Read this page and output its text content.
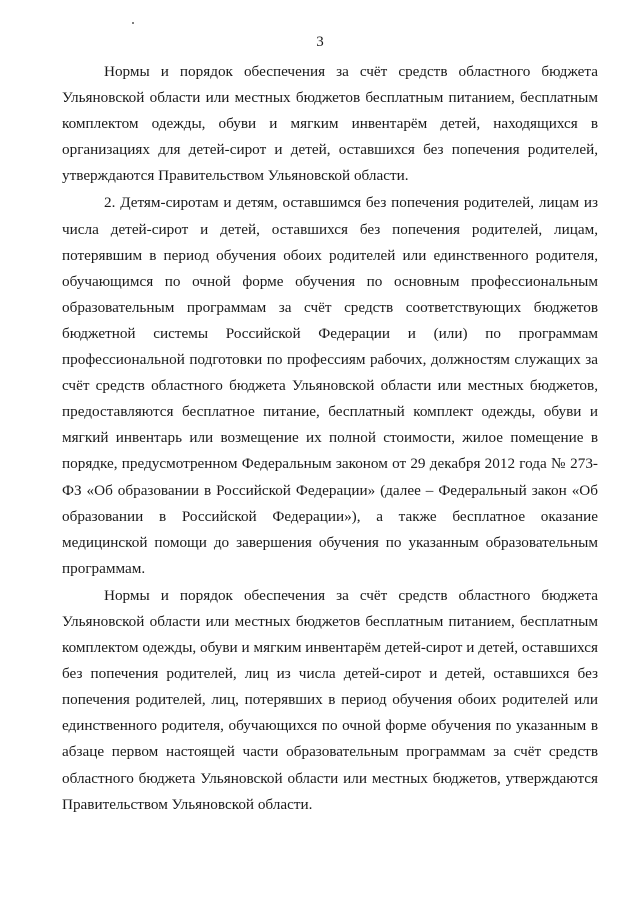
3

Нормы и порядок обеспечения за счёт средств областного бюджета Ульяновской области или местных бюджетов бесплатным питанием, бесплатным комплектом одежды, обуви и мягким инвентарём детей, находящихся в организациях для детей-сирот и детей, оставшихся без попечения родителей, утверждаются Правительством Ульяновской области.

2. Детям-сиротам и детям, оставшимся без попечения родителей, лицам из числа детей-сирот и детей, оставшихся без попечения родителей, лицам, потерявшим в период обучения обоих родителей или единственного родителя, обучающимся по очной форме обучения по основным профессиональным образовательным программам за счёт средств соответствующих бюджетов бюджетной системы Российской Федерации и (или) по программам профессиональной подготовки по профессиям рабочих, должностям служащих за счёт средств областного бюджета Ульяновской области или местных бюджетов, предоставляются бесплатное питание, бесплатный комплект одежды, обуви и мягкий инвентарь или возмещение их полной стоимости, жилое помещение в порядке, предусмотренном Федеральным законом от 29 декабря 2012 года № 273-ФЗ «Об образовании в Российской Федерации» (далее – Федеральный закон «Об образовании в Российской Федерации»), а также бесплатное оказание медицинской помощи до завершения обучения по указанным образовательным программам.

Нормы и порядок обеспечения за счёт средств областного бюджета Ульяновской области или местных бюджетов бесплатным питанием, бесплатным комплектом одежды, обуви и мягким инвентарём детей-сирот и детей, оставшихся без попечения родителей, лиц из числа детей-сирот и детей, оставшихся без попечения родителей, лиц, потерявших в период обучения обоих родителей или единственного родителя, обучающихся по очной форме обучения по указанным в абзаце первом настоящей части образовательным программам за счёт средств областного бюджета Ульяновской области или местных бюджетов, утверждаются Правительством Ульяновской области.
